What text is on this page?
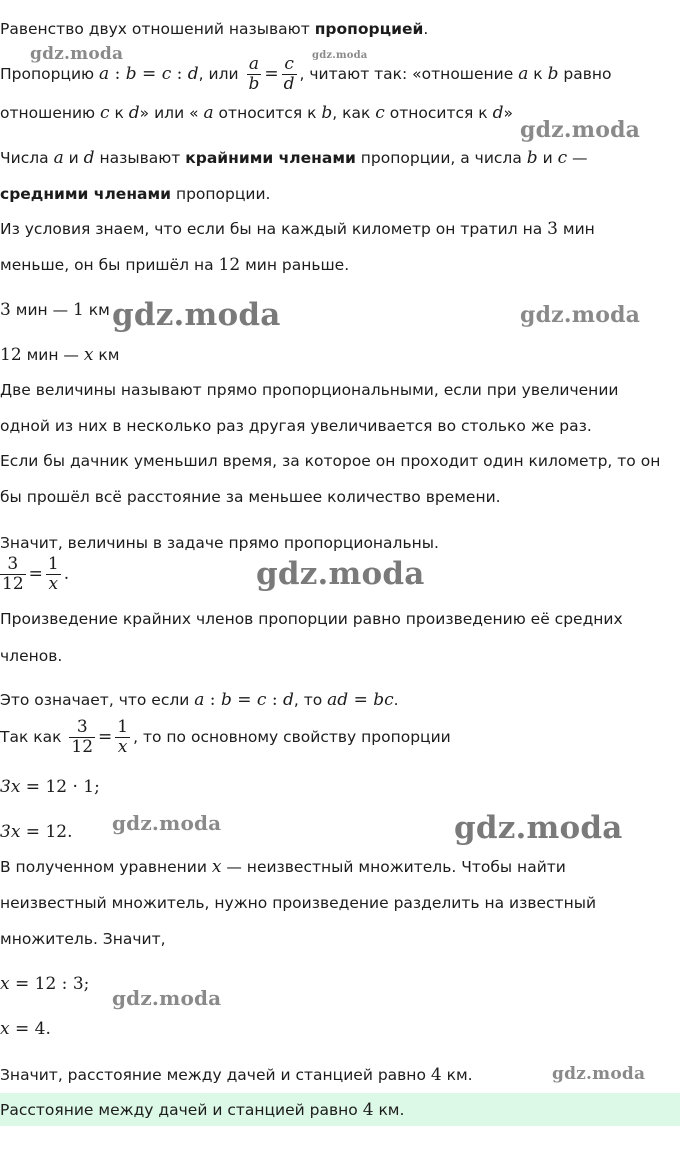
Равенство двух отношений называют пропорцией.
Пропорцию a : b = c : d, или $\frac{a}{b} = \frac{c}{d}$ , читают так: «отношение a к b равно
отношению c к d» или « a относится к b, как c относится к d»
Числа a и d называют крайними членами пропорции, а числа b и c —
средними членами пропорции.
Из условия знаем, что если бы на каждый километр он тратил на 3 мин
меньше, он бы пришёл на 12 мин раньше.
3 мин — 1 км
12 мин — x км
Две величины называют прямо пропорциональными, если при увеличении
одной из них в несколько раз другая увеличивается во столько же раз.
Если бы дачник уменьшил время, за которое он проходит один километр, то он
бы прошёл всё расстояние за меньшее количество времени.
Значит, величины в задаче прямо пропорциональны.
$\frac{3}{12} = \frac{1}{x}$ .
Произведение крайних членов пропорции равно произведению её средних
членов.
Это означает, что если a : b = c : d, то ad = bc.
Так как $\frac{3}{12} = \frac{1}{x}$ , то по основному свойству пропорции
3x = 12 · 1;
3x = 12.
В полученном уравнении x — неизвестный множитель. Чтобы найти
неизвестный множитель, нужно произведение разделить на известный
множитель. Значит,
x = 12 : 3;
x = 4.
Значит, расстояние между дачей и станцией равно 4 км.
Расстояние между дачей и станцией равно 4 км.
gdz.moda	gdz.moda
gdz.moda
gdz.moda	gdz.moda
gdz.moda
gdz.moda	gdz.moda
gdz.moda
gdz.moda
